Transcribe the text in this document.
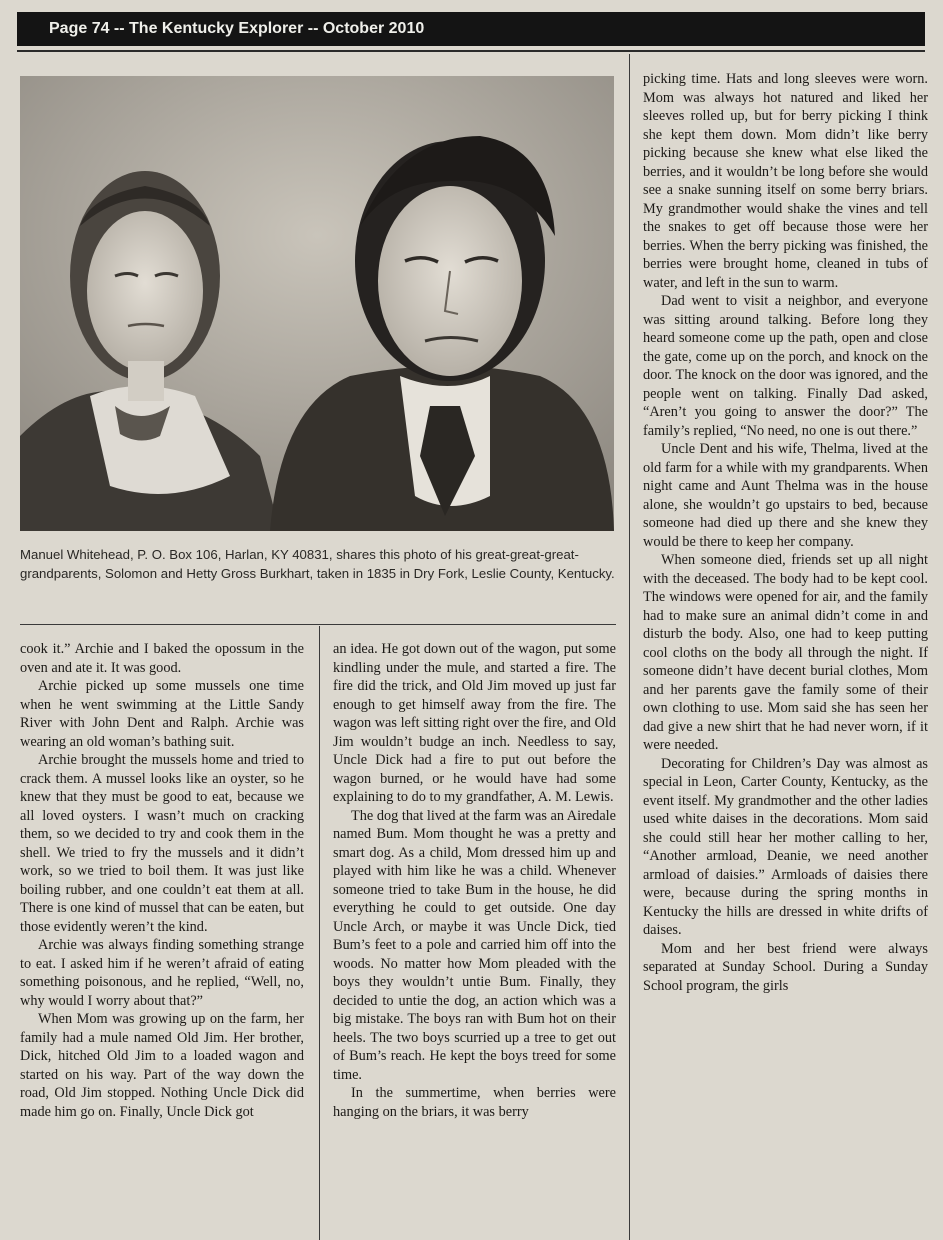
Page 74 -- The Kentucky Explorer -- October 2010
Manuel Whitehead, P. O. Box 106, Harlan, KY 40831, shares this photo of his great-great-great-grandparents, Solomon and Hetty Gross Burkhart, taken in 1835 in Dry Fork, Leslie County, Kentucky.

cook it.” Archie and I baked the opossum in the oven and ate it. It was good.

Archie picked up some mussels one time when he went swimming at the Little Sandy River with John Dent and Ralph. Archie was wearing an old woman’s bathing suit.

Archie brought the mussels home and tried to crack them. A mussel looks like an oyster, so he knew that they must be good to eat, because we all loved oysters. I wasn’t much on cracking them, so we decided to try and cook them in the shell. We tried to fry the mussels and it didn’t work, so we tried to boil them. It was just like boiling rubber, and one couldn’t eat them at all. There is one kind of mussel that can be eaten, but those evidently weren’t the kind.

Archie was always finding something strange to eat. I asked him if he weren’t afraid of eating something poisonous, and he replied, “Well, no, why would I worry about that?”

When Mom was growing up on the farm, her family had a mule named Old Jim. Her brother, Dick, hitched Old Jim to a loaded wagon and started on his way. Part of the way down the road, Old Jim stopped. Nothing Uncle Dick did made him go on. Finally, Uncle Dick got

an idea. He got down out of the wagon, put some kindling under the mule, and started a fire. The fire did the trick, and Old Jim moved up just far enough to get himself away from the fire. The wagon was left sitting right over the fire, and Old Jim wouldn’t budge an inch. Needless to say, Uncle Dick had a fire to put out before the wagon burned, or he would have had some explaining to do to my grandfather, A. M. Lewis.

The dog that lived at the farm was an Airedale named Bum. Mom thought he was a pretty and smart dog. As a child, Mom dressed him up and played with him like he was a child. Whenever someone tried to take Bum in the house, he did everything he could to get outside. One day Uncle Arch, or maybe it was Uncle Dick, tied Bum’s feet to a pole and carried him off into the woods. No matter how Mom pleaded with the boys they wouldn’t untie Bum. Finally, they decided to untie the dog, an action which was a big mistake. The boys ran with Bum hot on their heels. The two boys scurried up a tree to get out of Bum’s reach. He kept the boys treed for some time.

In the summertime, when berries were hanging on the briars, it was berry

picking time. Hats and long sleeves were worn. Mom was always hot natured and liked her sleeves rolled up, but for berry picking I think she kept them down. Mom didn’t like berry picking because she knew what else liked the berries, and it wouldn’t be long before she would see a snake sunning itself on some berry briars. My grandmother would shake the vines and tell the snakes to get off because those were her berries. When the berry picking was finished, the berries were brought home, cleaned in tubs of water, and left in the sun to warm.

Dad went to visit a neighbor, and everyone was sitting around talking. Before long they heard someone come up the path, open and close the gate, come up on the porch, and knock on the door. The knock on the door was ignored, and the people went on talking. Finally Dad asked, “Aren’t you going to answer the door?” The family’s replied, “No need, no one is out there.”

Uncle Dent and his wife, Thelma, lived at the old farm for a while with my grandparents. When night came and Aunt Thelma was in the house alone, she wouldn’t go upstairs to bed, because someone had died up there and she knew they would be there to keep her company.

When someone died, friends set up all night with the deceased. The body had to be kept cool. The windows were opened for air, and the family had to make sure an animal didn’t come in and disturb the body. Also, one had to keep putting cool cloths on the body all through the night. If someone didn’t have decent burial clothes, Mom and her parents gave the family some of their own clothing to use. Mom said she has seen her dad give a new shirt that he had never worn, if it were needed.

Decorating for Children’s Day was almost as special in Leon, Carter County, Kentucky, as the event itself. My grandmother and the other ladies used white daises in the decorations. Mom said she could still hear her mother calling to her, “Another armload, Deanie, we need another armload of daisies.” Armloads of daisies there were, because during the spring months in Kentucky the hills are dressed in white drifts of daises.

Mom and her best friend were always separated at Sunday School. During a Sunday School program, the girls
